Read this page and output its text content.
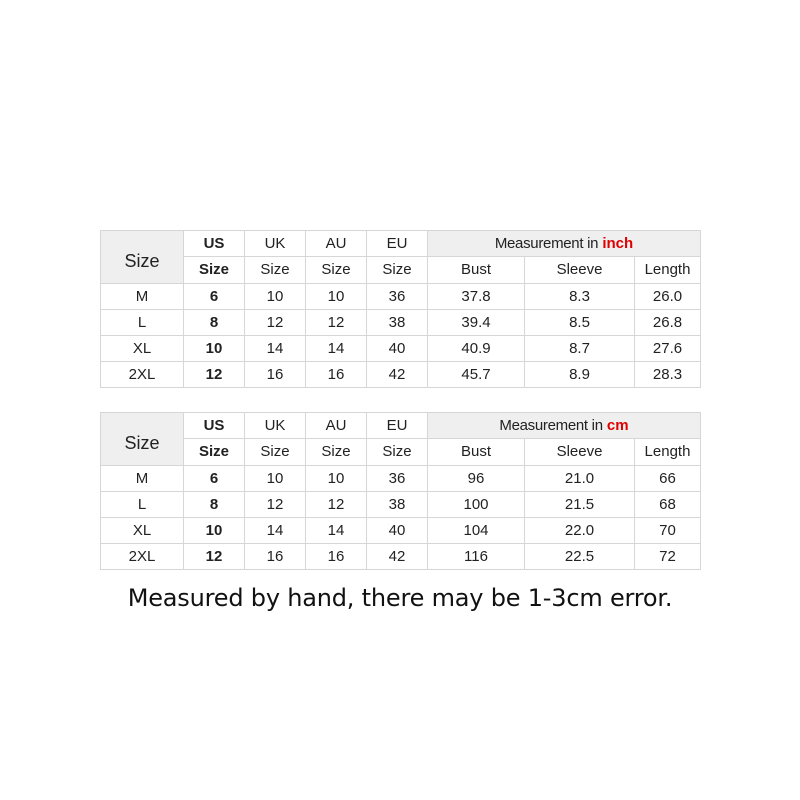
Size	US	UK	AU	EU	Measurement in inch		
	Size	Size	Size	Size	Bust	Sleeve	Length
M	6	10	10	36	37.8	8.3	26.0
L	8	12	12	38	39.4	8.5	26.8
XL	10	14	14	40	40.9	8.7	27.6
2XL	12	16	16	42	45.7	8.9	28.3
Size	US	UK	AU	EU	Measurement in cm		
	Size	Size	Size	Size	Bust	Sleeve	Length
M	6	10	10	36	96	21.0	66
L	8	12	12	38	100	21.5	68
XL	10	14	14	40	104	22.0	70
2XL	12	16	16	42	116	22.5	72
Measured by hand, there may be 1-3cm error.
